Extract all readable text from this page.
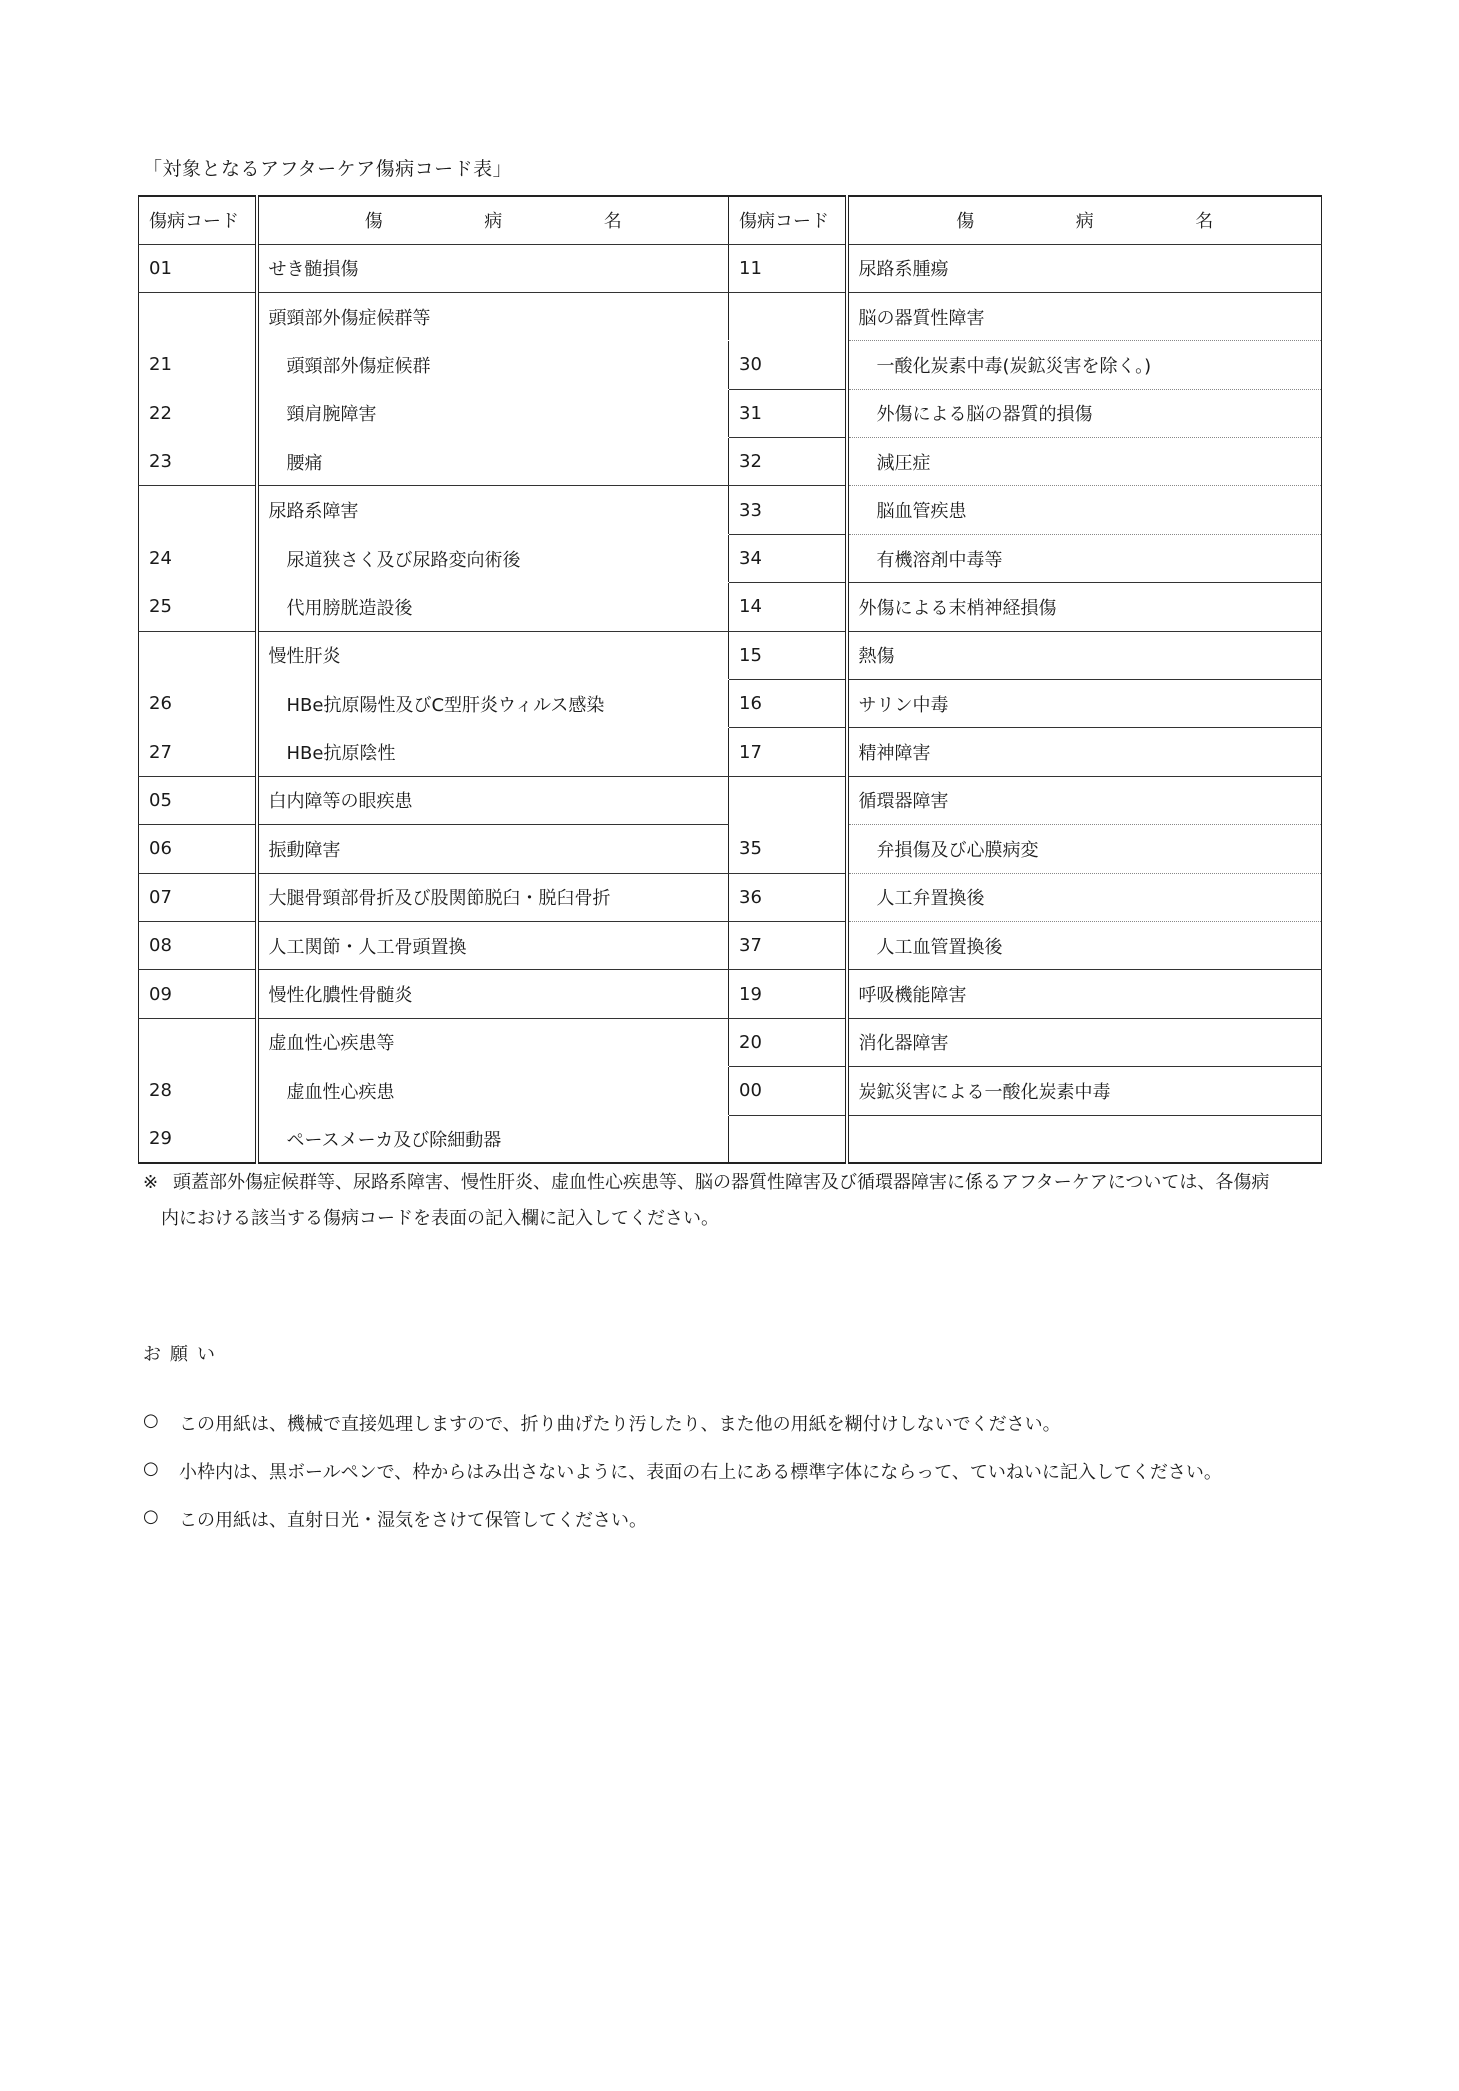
「対象となるアフターケア傷病コード表」
傷病コード	傷 病 名	傷病コード	傷 病 名
01	せき髄損傷	11	尿路系腫瘍
	頭頸部外傷症候群等		脳の器質性障害
21	頭頸部外傷症候群	30	一酸化炭素中毒(炭鉱災害を除く。)
22	頸肩腕障害	31	外傷による脳の器質的損傷
23	腰痛	32	減圧症
	尿路系障害	33	脳血管疾患
24	尿道狭さく及び尿路変向術後	34	有機溶剤中毒等
25	代用膀胱造設後	14	外傷による末梢神経損傷
	慢性肝炎	15	熱傷
26	HBe抗原陽性及びC型肝炎ウィルス感染	16	サリン中毒
27	HBe抗原陰性	17	精神障害
05	白内障等の眼疾患		循環器障害
06	振動障害	35	弁損傷及び心膜病変
07	大腿骨頸部骨折及び股関節脱臼・脱臼骨折	36	人工弁置換後
08	人工関節・人工骨頭置換	37	人工血管置換後
09	慢性化膿性骨髄炎	19	呼吸機能障害
	虚血性心疾患等	20	消化器障害
28	虚血性心疾患	00	炭鉱災害による一酸化炭素中毒
29	ペースメーカ及び除細動器		
※ 頭蓋部外傷症候群等、尿路系障害、慢性肝炎、虚血性心疾患等、脳の器質性障害及び循環器障害に係るアフターケアについては、各傷病
内における該当する傷病コードを表面の記入欄に記入してください。
お願い
○	この用紙は、機械で直接処理しますので、折り曲げたり汚したり、また他の用紙を糊付けしないでください。
○	小枠内は、黒ボールペンで、枠からはみ出さないように、表面の右上にある標準字体にならって、ていねいに記入してください。
○	この用紙は、直射日光・湿気をさけて保管してください。
